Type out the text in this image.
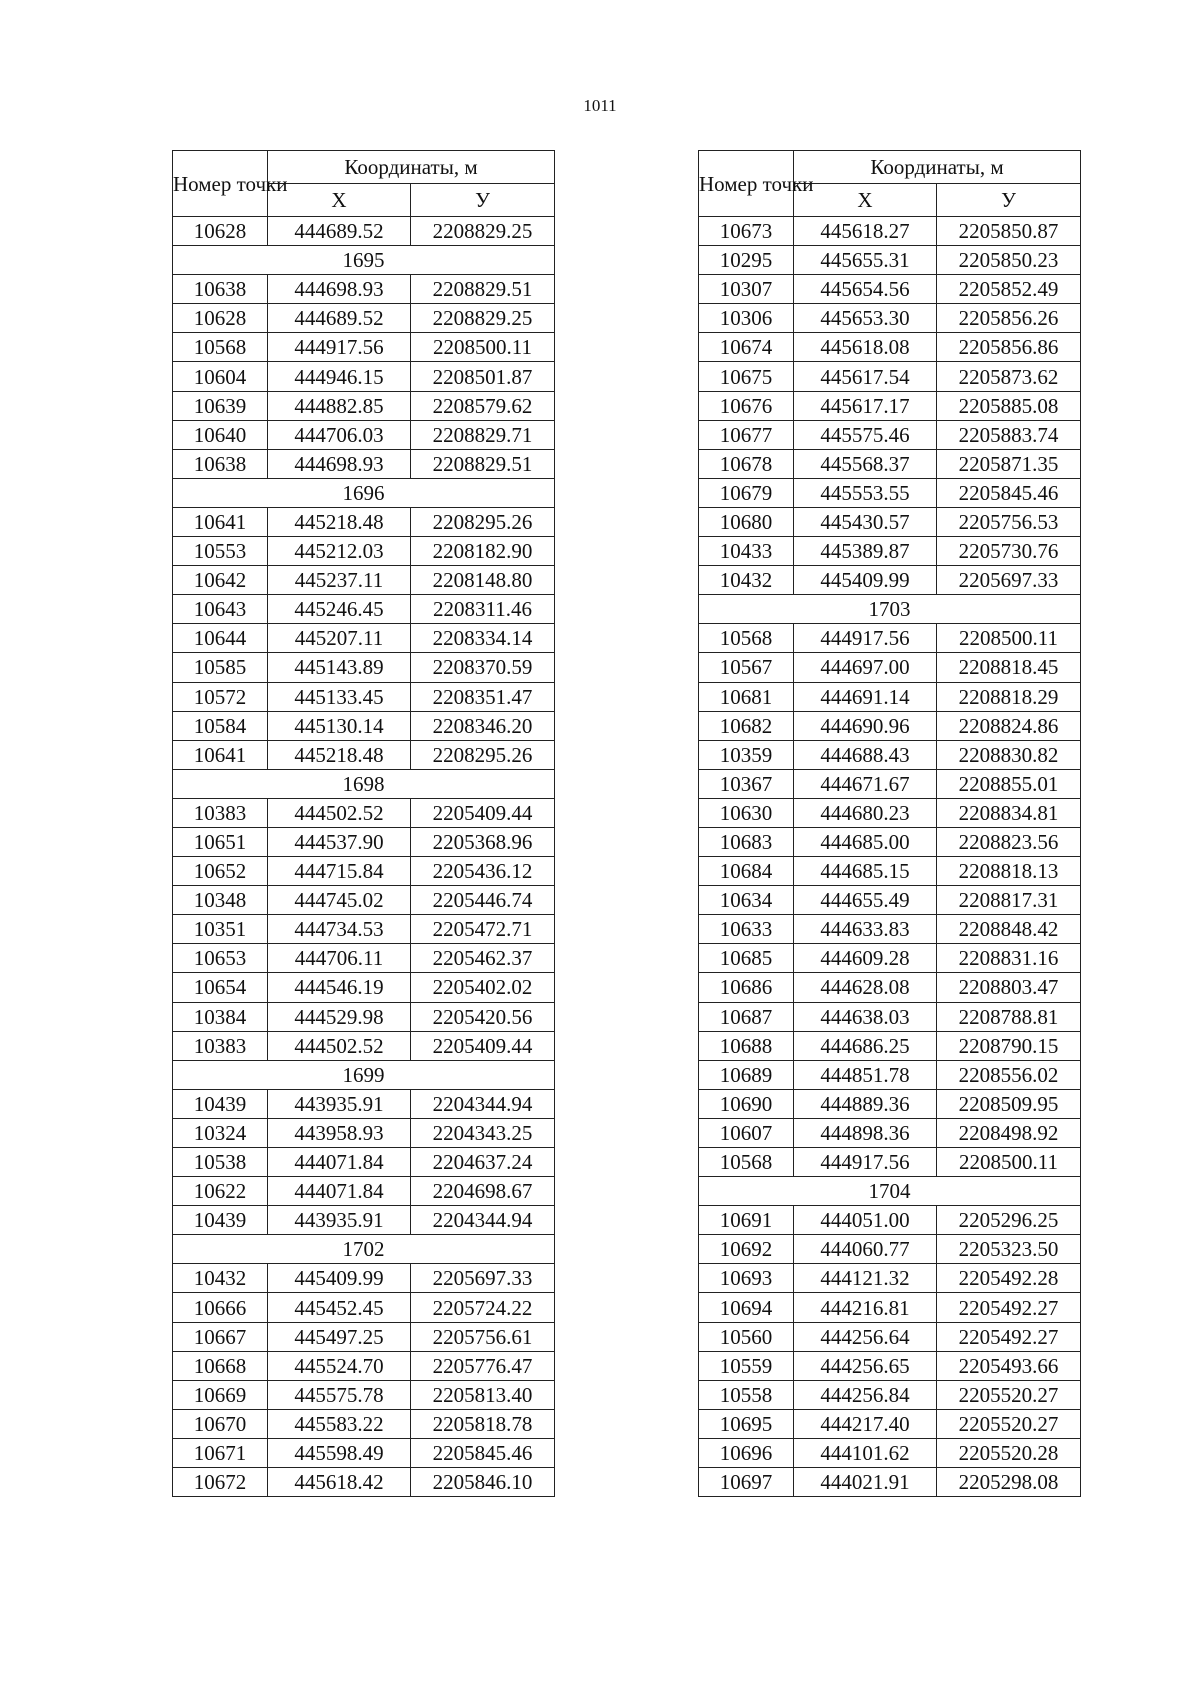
1011
Номер точки	Координаты, м	
	X	У
10628	444689.52	2208829.25
1695		
10638	444698.93	2208829.51
10628	444689.52	2208829.25
10568	444917.56	2208500.11
10604	444946.15	2208501.87
10639	444882.85	2208579.62
10640	444706.03	2208829.71
10638	444698.93	2208829.51
1696		
10641	445218.48	2208295.26
10553	445212.03	2208182.90
10642	445237.11	2208148.80
10643	445246.45	2208311.46
10644	445207.11	2208334.14
10585	445143.89	2208370.59
10572	445133.45	2208351.47
10584	445130.14	2208346.20
10641	445218.48	2208295.26
1698		
10383	444502.52	2205409.44
10651	444537.90	2205368.96
10652	444715.84	2205436.12
10348	444745.02	2205446.74
10351	444734.53	2205472.71
10653	444706.11	2205462.37
10654	444546.19	2205402.02
10384	444529.98	2205420.56
10383	444502.52	2205409.44
1699		
10439	443935.91	2204344.94
10324	443958.93	2204343.25
10538	444071.84	2204637.24
10622	444071.84	2204698.67
10439	443935.91	2204344.94
1702		
10432	445409.99	2205697.33
10666	445452.45	2205724.22
10667	445497.25	2205756.61
10668	445524.70	2205776.47
10669	445575.78	2205813.40
10670	445583.22	2205818.78
10671	445598.49	2205845.46
10672	445618.42	2205846.10
Номер точки	Координаты, м	
	X	У
10673	445618.27	2205850.87
10295	445655.31	2205850.23
10307	445654.56	2205852.49
10306	445653.30	2205856.26
10674	445618.08	2205856.86
10675	445617.54	2205873.62
10676	445617.17	2205885.08
10677	445575.46	2205883.74
10678	445568.37	2205871.35
10679	445553.55	2205845.46
10680	445430.57	2205756.53
10433	445389.87	2205730.76
10432	445409.99	2205697.33
1703		
10568	444917.56	2208500.11
10567	444697.00	2208818.45
10681	444691.14	2208818.29
10682	444690.96	2208824.86
10359	444688.43	2208830.82
10367	444671.67	2208855.01
10630	444680.23	2208834.81
10683	444685.00	2208823.56
10684	444685.15	2208818.13
10634	444655.49	2208817.31
10633	444633.83	2208848.42
10685	444609.28	2208831.16
10686	444628.08	2208803.47
10687	444638.03	2208788.81
10688	444686.25	2208790.15
10689	444851.78	2208556.02
10690	444889.36	2208509.95
10607	444898.36	2208498.92
10568	444917.56	2208500.11
1704		
10691	444051.00	2205296.25
10692	444060.77	2205323.50
10693	444121.32	2205492.28
10694	444216.81	2205492.27
10560	444256.64	2205492.27
10559	444256.65	2205493.66
10558	444256.84	2205520.27
10695	444217.40	2205520.27
10696	444101.62	2205520.28
10697	444021.91	2205298.08
